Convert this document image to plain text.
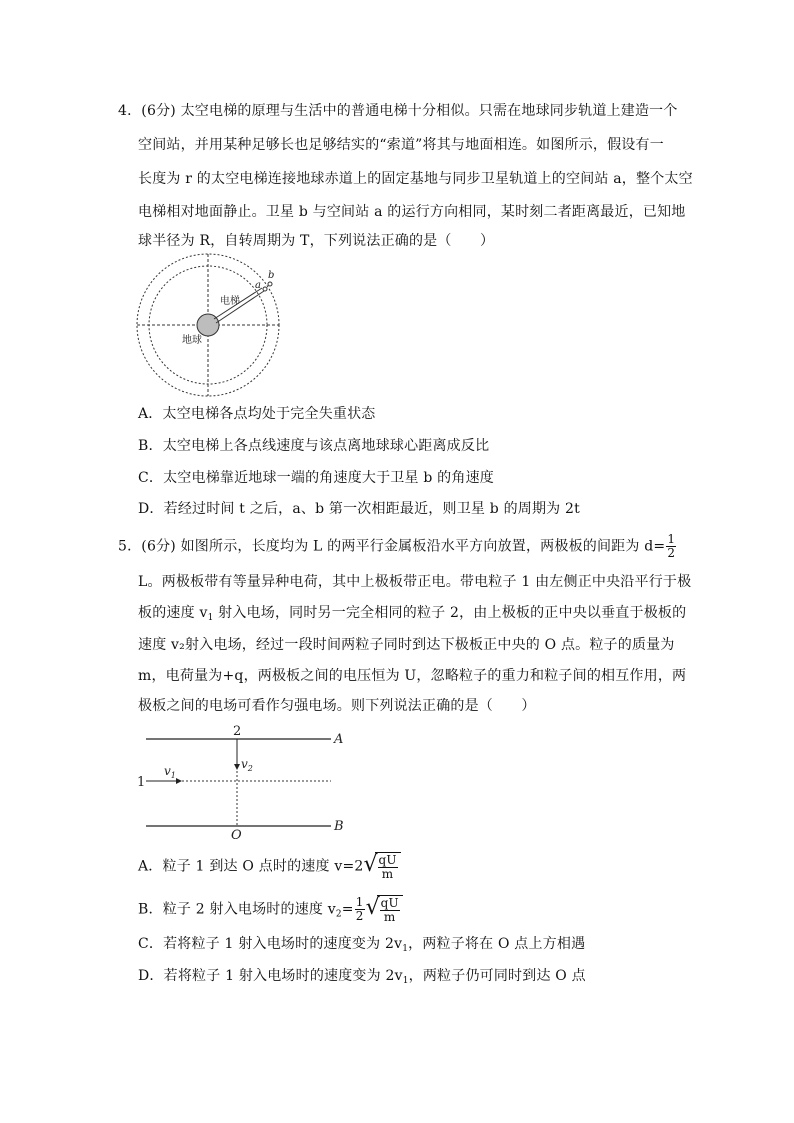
4．(6分) 太空电梯的原理与生活中的普通电梯十分相似。只需在地球同步轨道上建造一个
空间站，并用某种足够长也足够结实的“索道”将其与地面相连。如图所示，假设有一
长度为 r 的太空电梯连接地球赤道上的固定基地与同步卫星轨道上的空间站 a，整个太空
电梯相对地面静止。卫星 b 与空间站 a 的运行方向相同，某时刻二者距离最近，已知地
球半径为 R，自转周期为 T，下列说法正确的是（　　）
电梯
地球
a
b
A．太空电梯各点均处于完全失重状态
B．太空电梯上各点线速度与该点离地球球心距离成反比
C．太空电梯靠近地球一端的角速度大于卫星 b 的角速度
D．若经过时间 t 之后，a、b 第一次相距最近，则卫星 b 的周期为 2t
5．(6分) 如图所示，长度均为 L 的两平行金属板沿水平方向放置，两极板的间距为 $d= \frac{1}{2}$
L。两极板带有等量异种电荷，其中上极板带正电。带电粒子 1 由左侧正中央沿平行于极
板的速度 $v_1$ 射入电场，同时另一完全相同的粒子 2，由上极板的正中央以垂直于极板的
速度 v₂射入电场，经过一段时间两粒子同时到达下极板正中央的 O 点。粒子的质量为
m，电荷量为+q，两极板之间的电压恒为 U，忽略粒子的重力和粒子间的相互作用，两
极板之间的电场可看作匀强电场。则下列说法正确的是（　　）
A
B
O
1
2
$v_1$
$v_2$
A．粒子 1 到达 O 点时的速度 v=2 √ $\frac{qU}{m}$
B．粒子 2 射入电场时的速度 $v_2= \frac{1}{2}$ √ $\frac{qU}{m}$
C．若将粒子 1 射入电场时的速度变为 $2v_1$，两粒子将在 O 点上方相遇
D．若将粒子 1 射入电场时的速度变为 $2v_1$，两粒子仍可同时到达 O 点
